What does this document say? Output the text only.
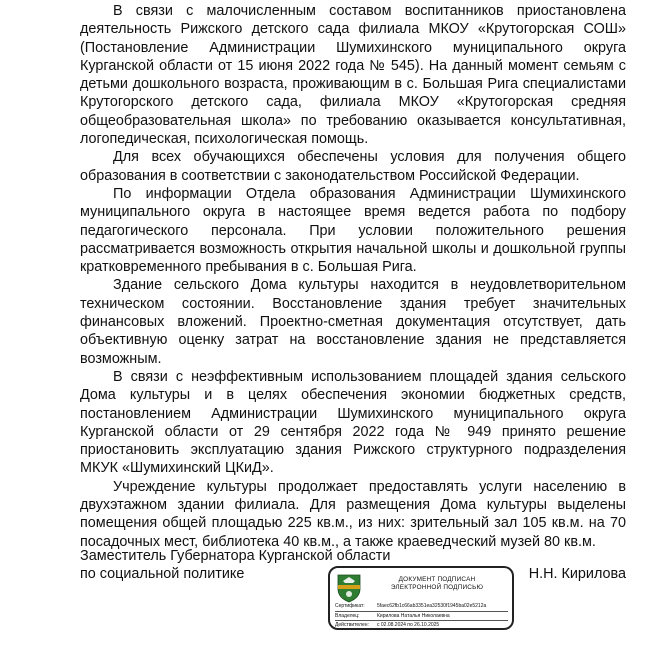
В связи с малочисленным составом воспитанников приостановлена деятельность Рижского детского сада филиала МКОУ «Крутогорская СОШ» (Постановление Администрации Шумихинского муниципального округа Курганской области от 15 июня 2022 года № 545). На данный момент семьям с детьми дошкольного возраста, проживающим в с. Большая Рига специалистами Крутогорского детского сада, филиала МКОУ «Крутогорская средняя общеобразовательная школа» по требованию оказывается консультативная, логопедическая, психологическая помощь.

Для всех обучающихся обеспечены условия для получения общего образования в соответствии с законодательством Российской Федерации.

По информации Отдела образования Администрации Шумихинского муниципального округа в настоящее время ведется работа по подбору педагогического персонала. При условии положительного решения рассматривается возможность открытия начальной школы и дошкольной группы кратковременного пребывания в с. Большая Рига.

Здание сельского Дома культуры находится в неудовлетворительном техническом состоянии. Восстановление здания требует значительных финансовых вложений. Проектно-сметная документация отсутствует, дать объективную оценку затрат на восстановление здания не представляется возможным.

В связи с неэффективным использованием площадей здания сельского Дома культуры и в целях обеспечения экономии бюджетных средств, постановлением Администрации Шумихинского муниципального округа Курганской области от 29 сентября 2022 года № 949 принято решение приостановить эксплуатацию здания Рижского структурного подразделения МКУК «Шумихинский ЦКиД».

Учреждение культуры продолжает предоставлять услуги населению в двухэтажном здании филиала. Для размещения Дома культуры выделены помещения общей площадью 225 кв.м., из них: зрительный зал 105 кв.м. на 70 посадочных мест, библиотека 40 кв.м., а также краеведческий музей 80 кв.м.

Заместитель Губернатора Курганской области
по социальной политике	Н.Н. Кирилова
ДОКУМЕНТ ПОДПИСАН
ЭЛЕКТРОННОЙ ПОДПИСЬЮ
Сертификат:	5faec62fb1c66ab3351ea32530f1945ba02e5212a
Владелец:	Кирилова Наталья Николаевна
Действителен:	с 02.08.2024 по 26.10.2025
